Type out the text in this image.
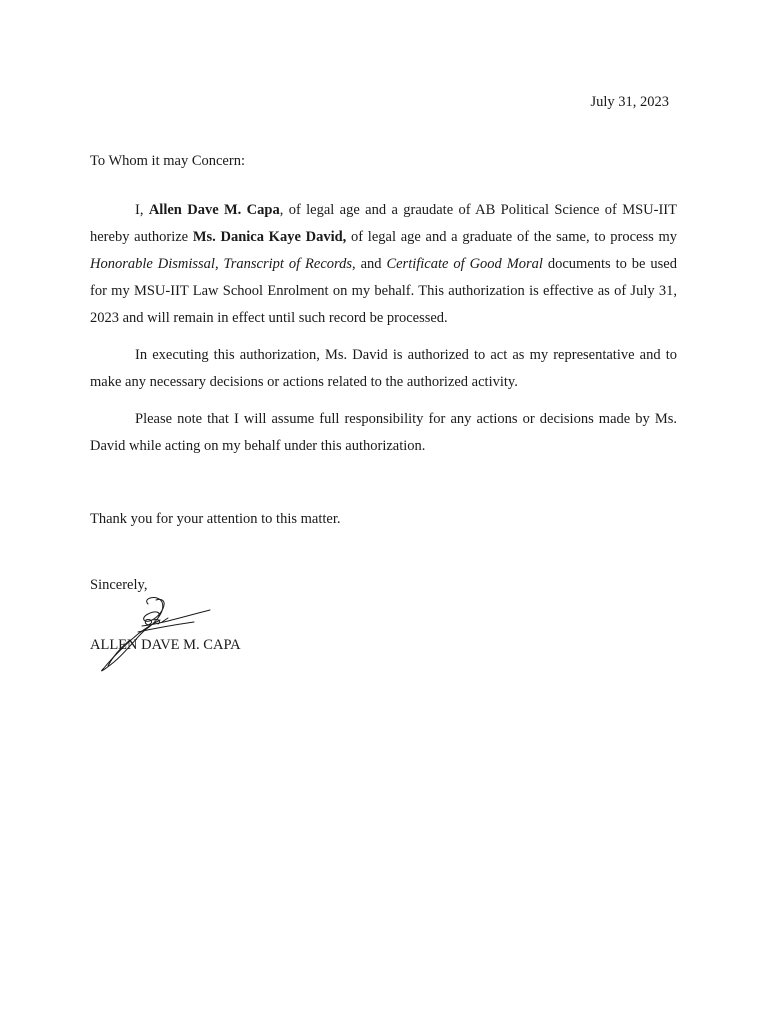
July 31, 2023
To Whom it may Concern:

I, Allen Dave M. Capa, of legal age and a graudate of AB Political Science of MSU-IIT hereby authorize Ms. Danica Kaye David, of legal age and a graduate of the same, to process my Honorable Dismissal, Transcript of Records, and Certificate of Good Moral documents to be used for my MSU-IIT Law School Enrolment on my behalf. This authorization is effective as of July 31, 2023 and will remain in effect until such record be processed.

In executing this authorization, Ms. David is authorized to act as my representative and to make any necessary decisions or actions related to the authorized activity.

Please note that I will assume full responsibility for any actions or decisions made by Ms. David while acting on my behalf under this authorization.

Thank you for your attention to this matter.
Sincerely,
ALLEN DAVE M. CAPA
